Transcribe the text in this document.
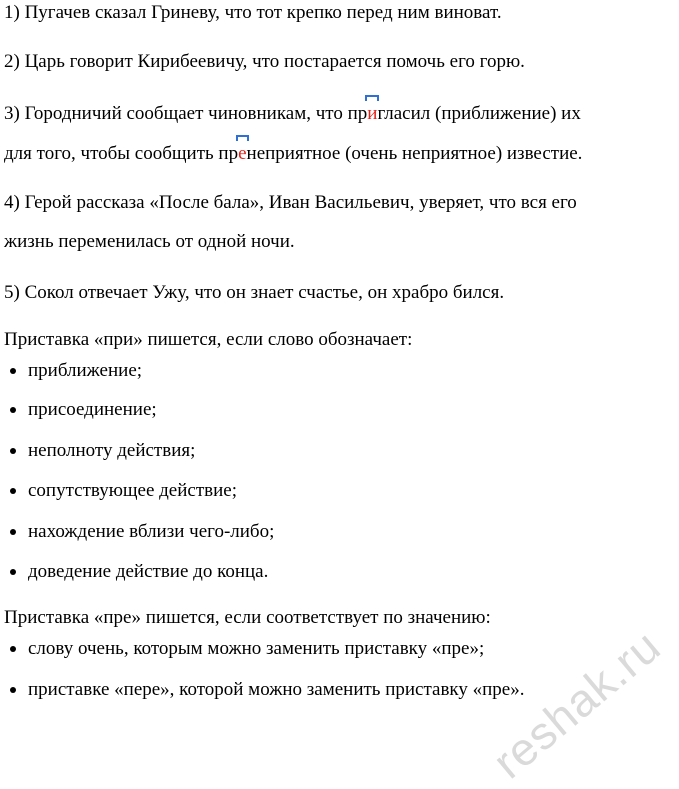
1) Пугачев сказал Гриневу, что тот крепко перед ним виноват.
2) Царь говорит Кирибеевичу, что постарается помочь его горю.
3) Городничий сообщает чиновникам, что пр
игласил (приближение) их
для того, чтобы сообщить пр
енеприятное (очень неприятное) известие.
4) Герой рассказа «После бала», Иван Васильевич, уверяет, что вся его
жизнь переменилась от одной ночи.
5) Сокол отвечает Ужу, что он знает счастье, он храбро бился.
Приставка «при» пишется, если слово обозначает:
приближение;
присоединение;
неполноту действия;
сопутствующее действие;
нахождение вблизи чего-либо;
доведение действие до конца.
Приставка «пре» пишется, если соответствует по значению:
слову очень, которым можно заменить приставку «пре»;
приставке «пере», которой можно заменить приставку «пре».
reshak.ru
